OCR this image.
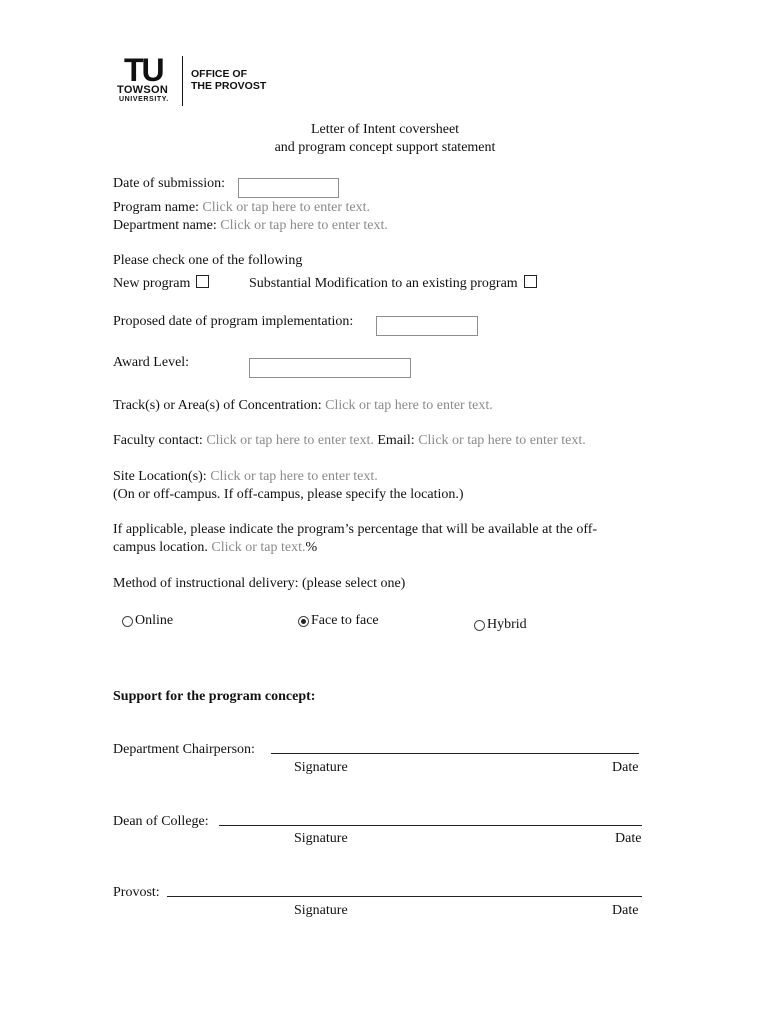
TU
TOWSON
UNIVERSITY.
OFFICE OF
THE PROVOST
Letter of Intent coversheet
and program concept support statement
Date of submission:
Program name: Click or tap here to enter text.
Department name: Click or tap here to enter text.
Please check one of the following
New program	Substantial Modification to an existing program
Proposed date of program implementation:
Award Level:
Track(s) or Area(s) of Concentration: Click or tap here to enter text.
Faculty contact: Click or tap here to enter text. Email: Click or tap here to enter text.
Site Location(s): Click or tap here to enter text.
(On or off-campus. If off-campus, please specify the location.)
If applicable, please indicate the program’s percentage that will be available at the off-
campus location. Click or tap text.%
Method of instructional delivery: (please select one)
Online	Face to face	Hybrid
Support for the program concept:
Department Chairperson:
Signature	Date
Dean of College:
Signature	Date
Provost:
Signature	Date
